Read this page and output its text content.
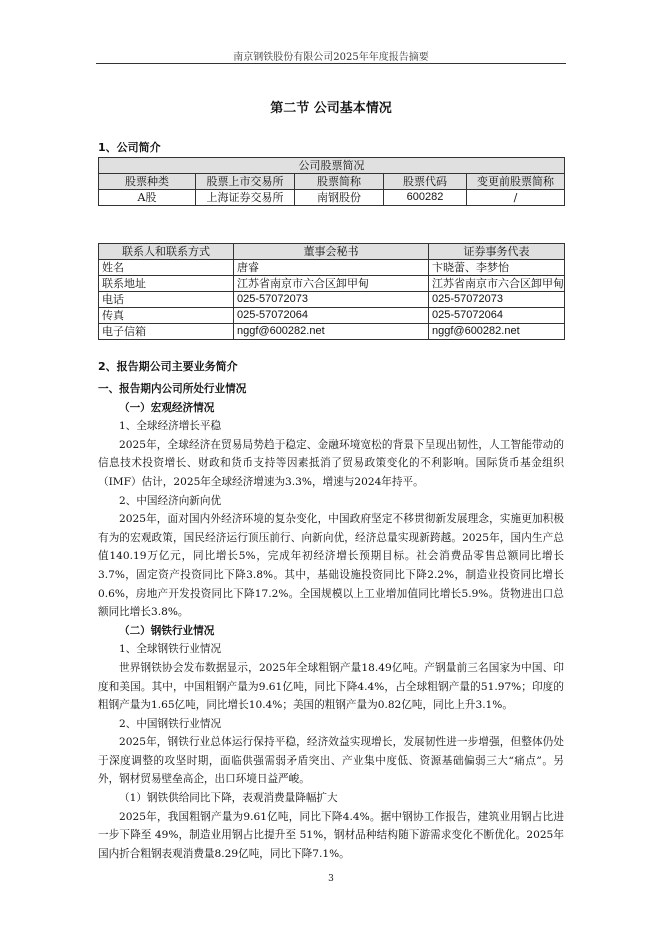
南京钢铁股份有限公司2025年年度报告摘要
第二节 公司基本情况
1、公司简介
公司股票简况				
股票种类	股票上市交易所	股票简称	股票代码	变更前股票简称
A股	上海证券交易所	南钢股份	600282	/
联系人和联系方式	董事会秘书	证券事务代表
姓名	唐睿	卞晓蕾、李梦怡
联系地址	江苏省南京市六合区卸甲甸	江苏省南京市六合区卸甲甸
电话	025-57072073	025-57072073
传真	025-57072064	025-57072064
电子信箱	nggf@600282.net	nggf@600282.net
2、报告期公司主要业务简介

一、报告期内公司所处行业情况

（一）宏观经济情况

1、全球经济增长平稳

2025年，全球经济在贸易局势趋于稳定、金融环境宽松的背景下呈现出韧性，人工智能带动的信息技术投资增长、财政和货币支持等因素抵消了贸易政策变化的不利影响。国际货币基金组织（IMF）估计，2025年全球经济增速为3.3%，增速与2024年持平。

2、中国经济向新向优

2025年，面对国内外经济环境的复杂变化，中国政府坚定不移贯彻新发展理念，实施更加积极有为的宏观政策，国民经济运行顶压前行、向新向优，经济总量实现新跨越。2025年，国内生产总值140.19万亿元，同比增长5%，完成年初经济增长预期目标。社会消费品零售总额同比增长3.7%，固定资产投资同比下降3.8%。其中，基础设施投资同比下降2.2%，制造业投资同比增长0.6%，房地产开发投资同比下降17.2%。全国规模以上工业增加值同比增长5.9%。货物进出口总额同比增长3.8%。

（二）钢铁行业情况

1、全球钢铁行业情况

世界钢铁协会发布数据显示，2025年全球粗钢产量18.49亿吨。产钢量前三名国家为中国、印度和美国。其中，中国粗钢产量为9.61亿吨，同比下降4.4%，占全球粗钢产量的51.97%；印度的粗钢产量为1.65亿吨，同比增长10.4%；美国的粗钢产量为0.82亿吨，同比上升3.1%。

2、中国钢铁行业情况

2025年，钢铁行业总体运行保持平稳，经济效益实现增长，发展韧性进一步增强，但整体仍处于深度调整的攻坚时期，面临供强需弱矛盾突出、产业集中度低、资源基础偏弱三大“痛点”。另外，钢材贸易壁垒高企，出口环境日益严峻。

（1）钢铁供给同比下降，表观消费量降幅扩大

2025年，我国粗钢产量为9.61亿吨，同比下降4.4%。据中钢协工作报告，建筑业用钢占比进一步下降至 49%，制造业用钢占比提升至 51%，钢材品种结构随下游需求变化不断优化。2025年国内折合粗钢表观消费量8.29亿吨，同比下降7.1%。

3
